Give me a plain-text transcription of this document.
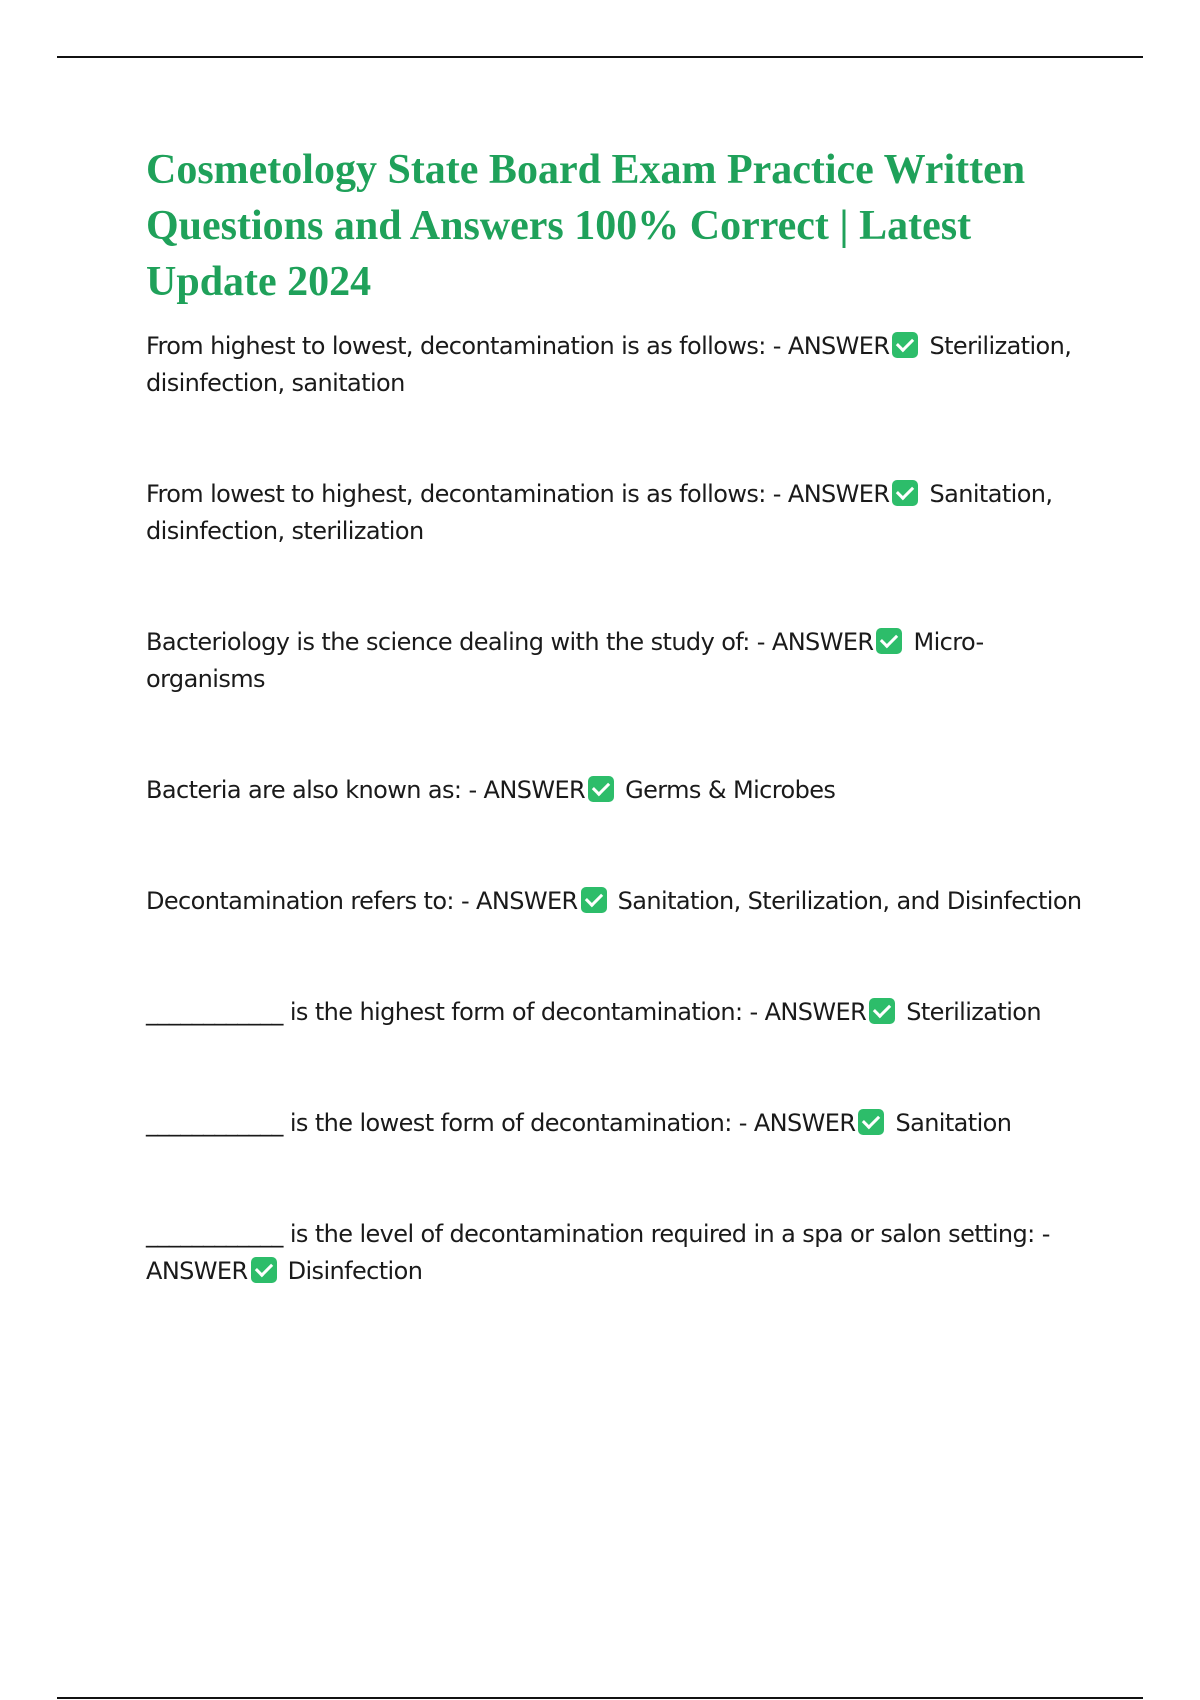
Cosmetology State Board Exam Practice Written Questions and Answers 100% Correct | Latest Update 2024
From highest to lowest, decontamination is as follows: - ANSWER Sterilization, disinfection, sanitation
From lowest to highest, decontamination is as follows: - ANSWER Sanitation, disinfection, sterilization
Bacteriology is the science dealing with the study of: - ANSWER Micro-organisms
Bacteria are also known as: - ANSWER Germs & Microbes
Decontamination refers to: - ANSWER Sanitation, Sterilization, and Disinfection
____________ is the highest form of decontamination: - ANSWER Sterilization
____________ is the lowest form of decontamination: - ANSWER Sanitation
____________ is the level of decontamination required in a spa or salon setting: - ANSWER Disinfection
